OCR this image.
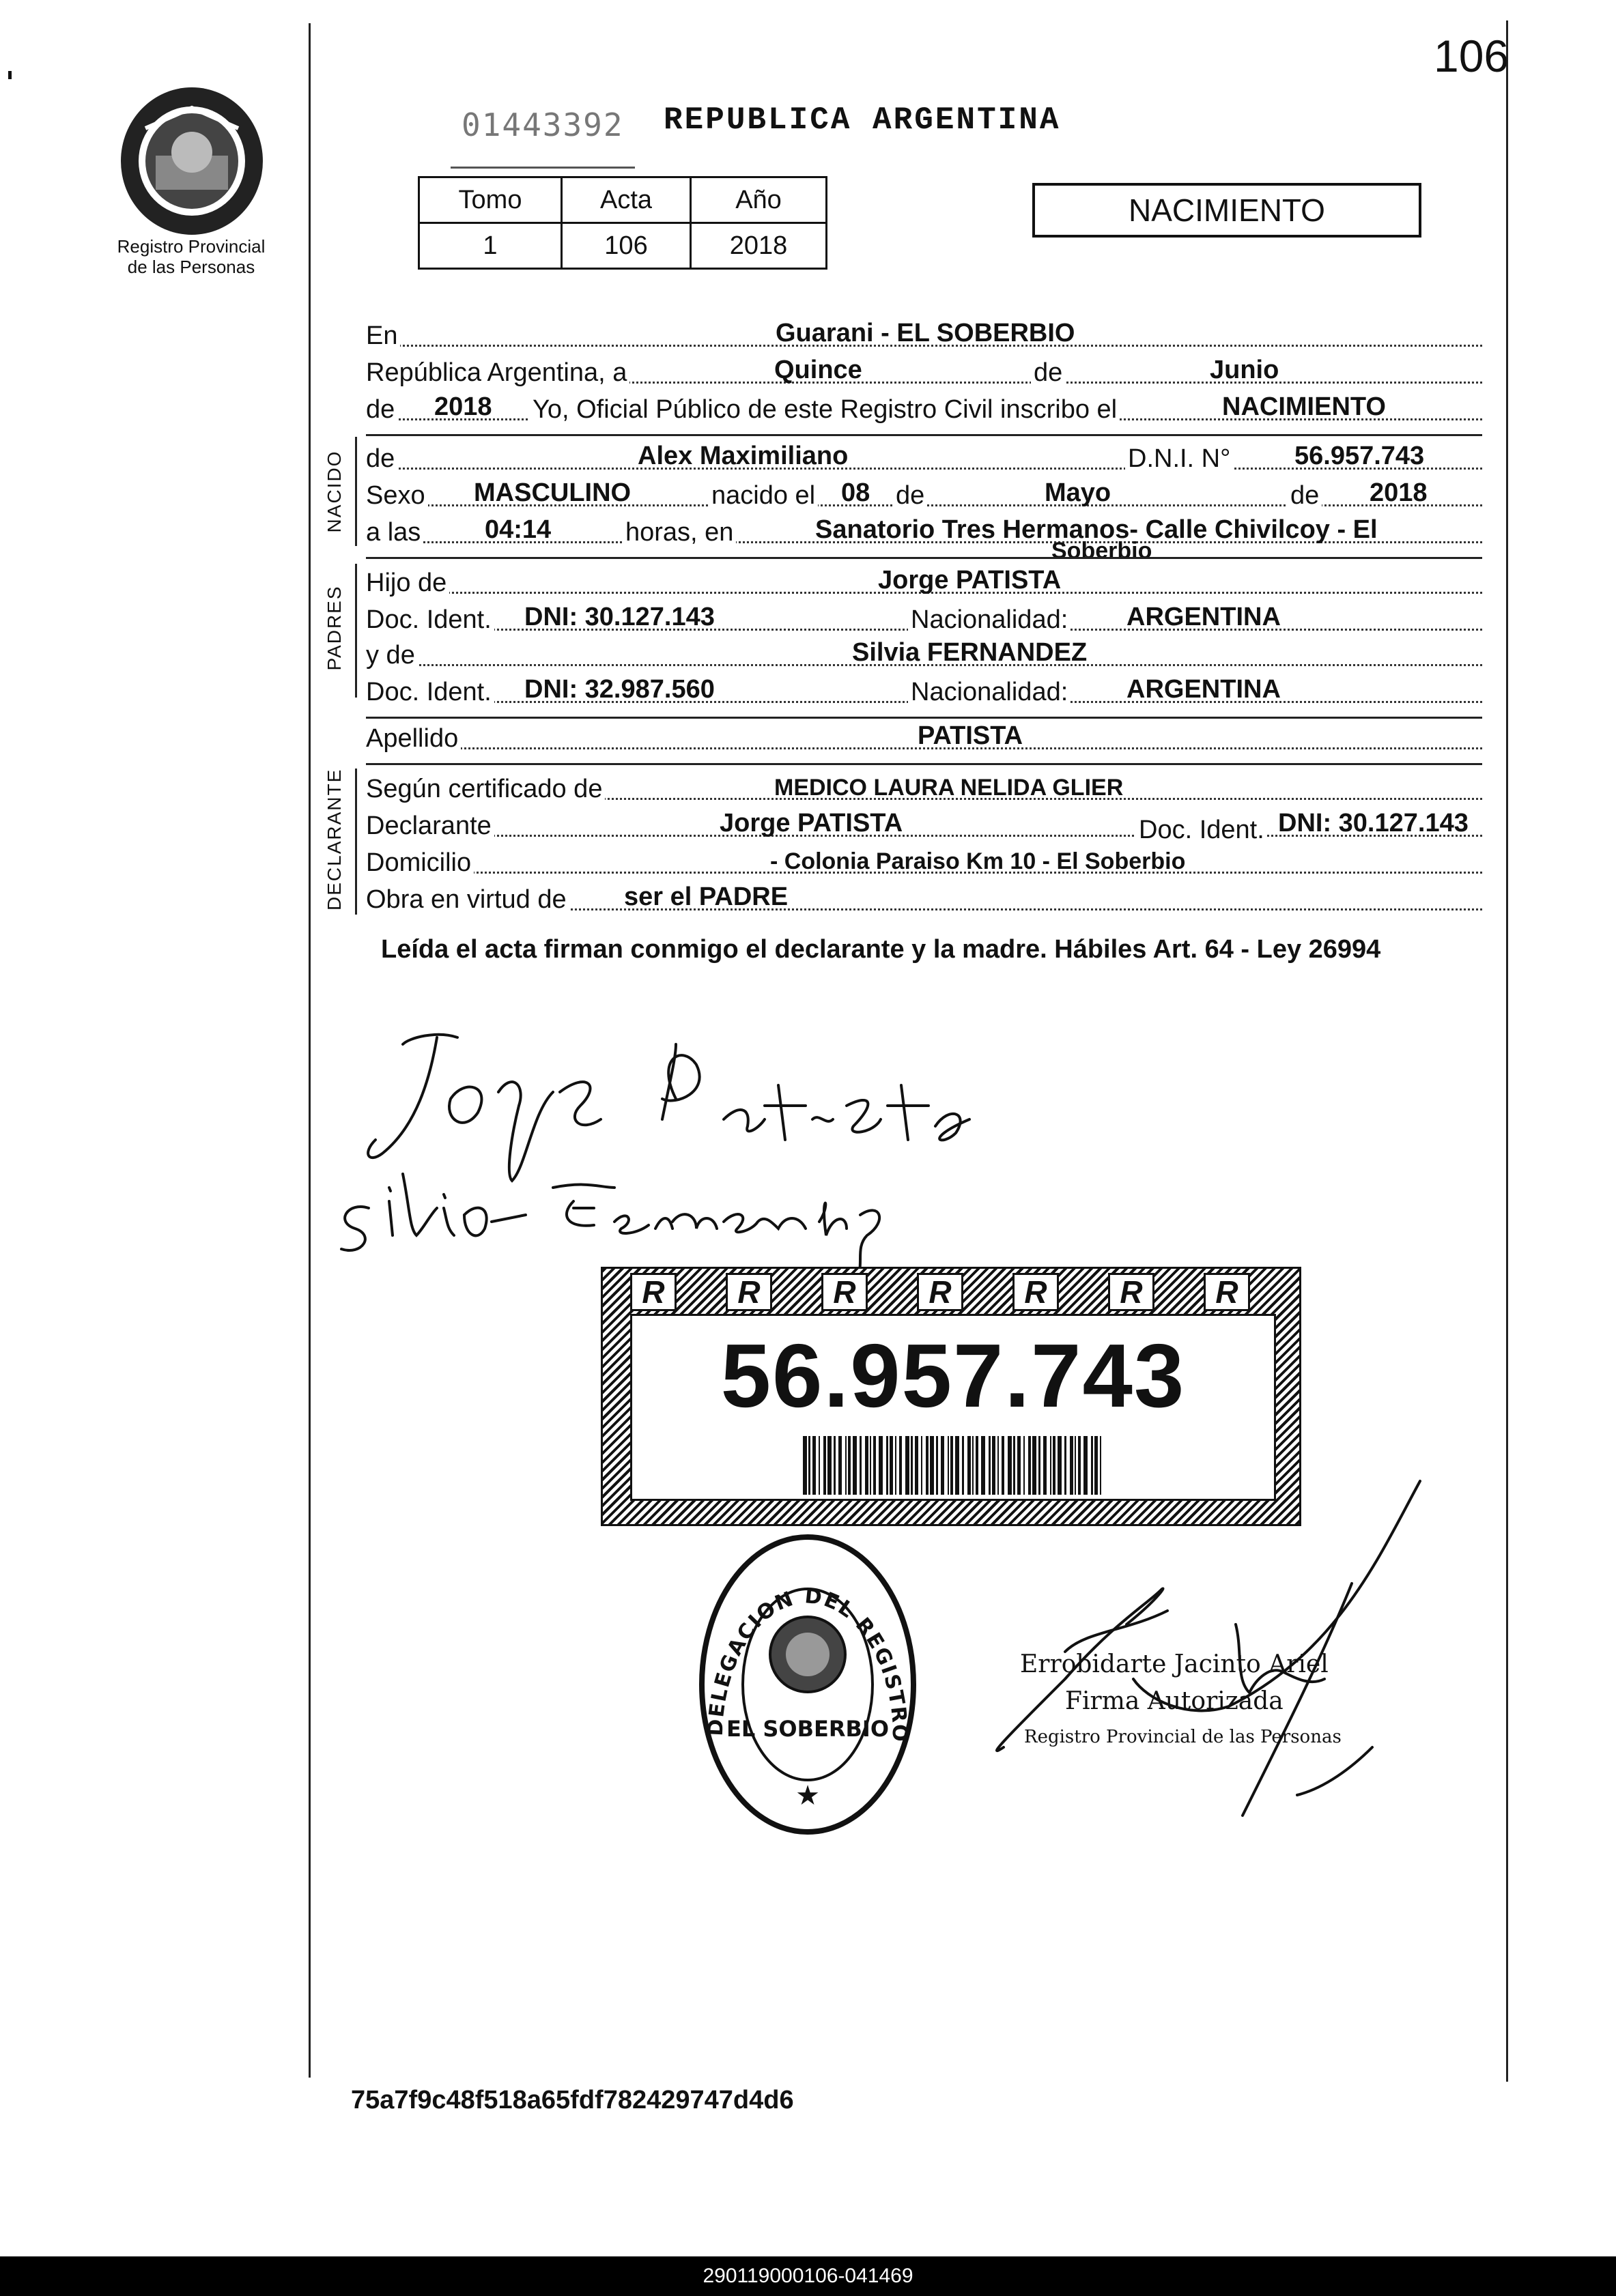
Registro Provincial
de las Personas
106
01443392 REPUBLICA ARGENTINA
Tomo	Acta	Año
1	106	2018
NACIMIENTO
En	Guarani - EL SOBERBIO
República Argentina, a	Quince	de	Junio
de 2018 Yo, Oficial Público de este Registro Civil inscribo el	NACIMIENTO
NACIDO de	Alex Maximiliano	D.N.I. N° 56.957.743
Sexo MASCULINO	nacido el 08 de	Mayo	de 2018
a las 04:14	horas, en	Sanatorio Tres Hermanos- Calle Chivilcoy - El
Soberbio
PADRES
Hijo de	Jorge PATISTA
Doc. Ident. DNI: 30.127.143	Nacionalidad: ARGENTINA
y de	Silvia FERNANDEZ
Doc. Ident. DNI: 32.987.560	Nacionalidad: ARGENTINA
Apellido	PATISTA
DECLARANTE Según certificado de	MEDICO LAURA NELIDA GLIER
Declarante	Jorge PATISTA	Doc. Ident. DNI: 30.127.143
Domicilio	- Colonia Paraiso Km 10 - El Soberbio
Obra en virtud de ser el PADRE
Leída el acta firman conmigo el declarante y la madre. Hábiles Art. 64 - Ley 26994
R	R	R	R	R	R	R
56.957.743
DELEGACION DEL REGISTRO
EL SOBERBIO
★
Errobidarte Jacinto Ariel
Firma Autorizada
Registro Provincial de las Personas
75a7f9c48f518a65fdf782429747d4d6
290119000106-041469
